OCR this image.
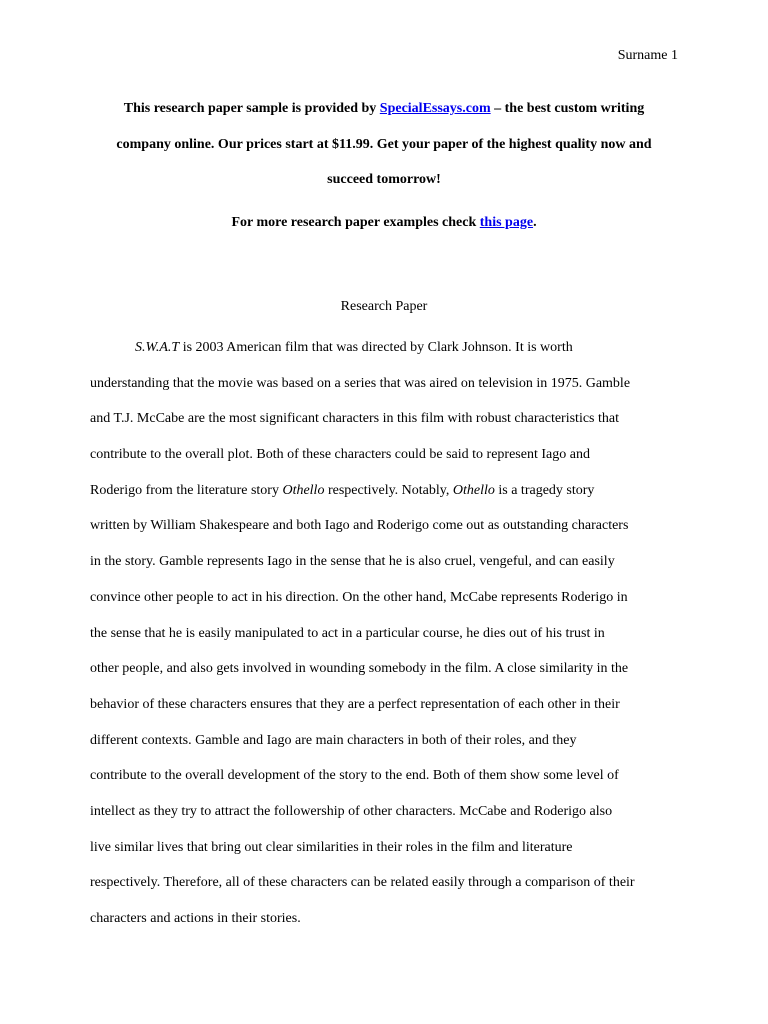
Surname 1
This research paper sample is provided by SpecialEssays.com – the best custom writing
company online. Our prices start at $11.99. Get your paper of the highest quality now and
succeed tomorrow!
For more research paper examples check this page.
Research Paper
S.W.A.T is 2003 American film that was directed by Clark Johnson. It is worth
understanding that the movie was based on a series that was aired on television in 1975. Gamble
and T.J. McCabe are the most significant characters in this film with robust characteristics that
contribute to the overall plot. Both of these characters could be said to represent Iago and
Roderigo from the literature story Othello respectively. Notably, Othello is a tragedy story
written by William Shakespeare and both Iago and Roderigo come out as outstanding characters
in the story. Gamble represents Iago in the sense that he is also cruel, vengeful, and can easily
convince other people to act in his direction. On the other hand, McCabe represents Roderigo in
the sense that he is easily manipulated to act in a particular course, he dies out of his trust in
other people, and also gets involved in wounding somebody in the film. A close similarity in the
behavior of these characters ensures that they are a perfect representation of each other in their
different contexts. Gamble and Iago are main characters in both of their roles, and they
contribute to the overall development of the story to the end. Both of them show some level of
intellect as they try to attract the followership of other characters. McCabe and Roderigo also
live similar lives that bring out clear similarities in their roles in the film and literature
respectively. Therefore, all of these characters can be related easily through a comparison of their
characters and actions in their stories.
